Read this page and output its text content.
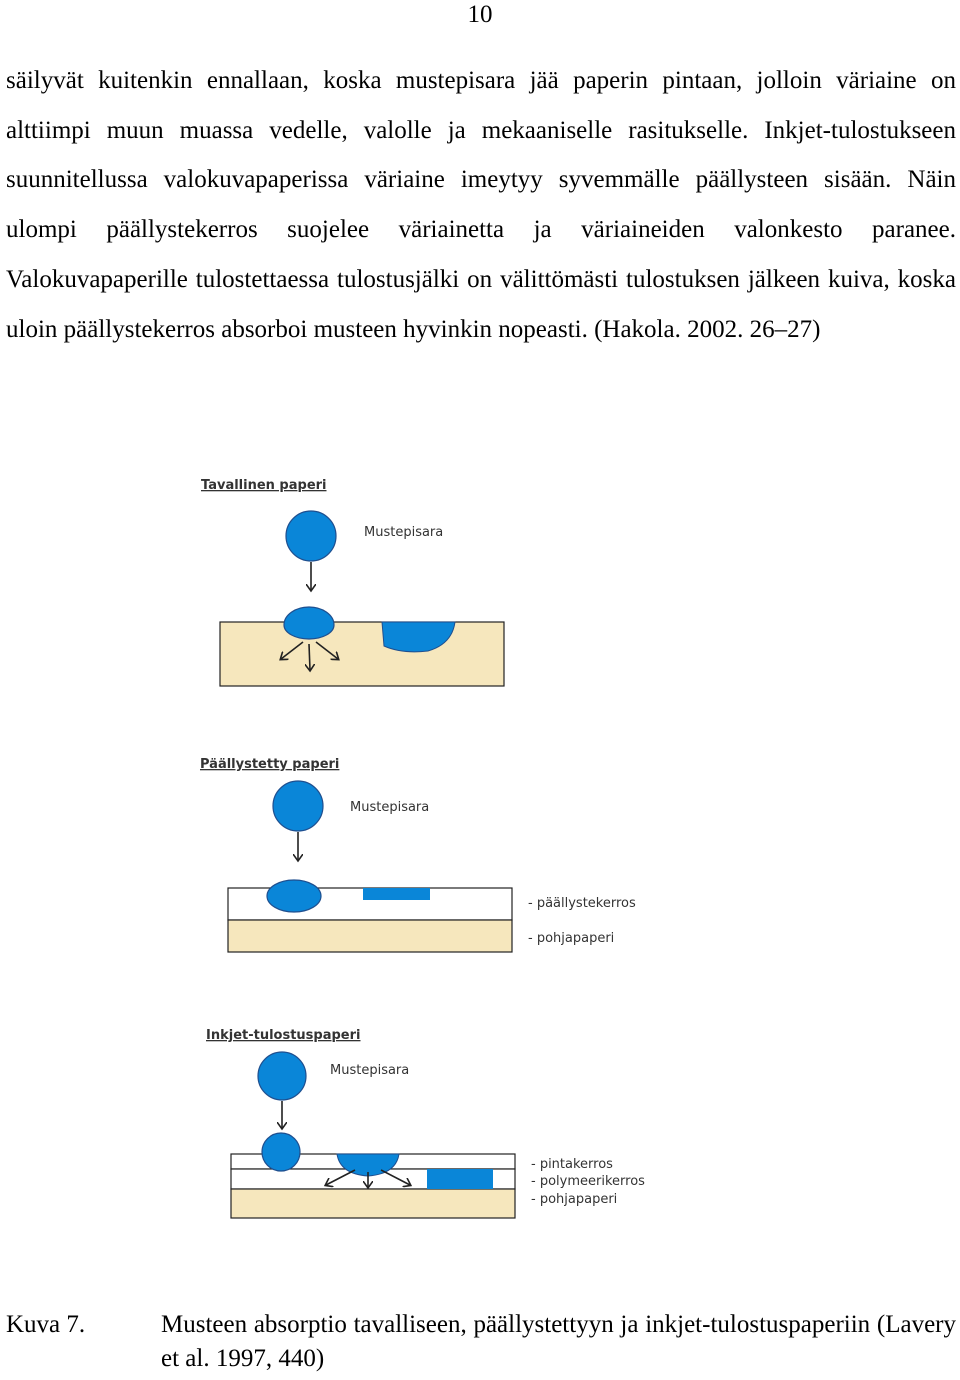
10

säilyvät kuitenkin ennallaan, koska mustepisara jää paperin pintaan, jolloin väriaine on alttiimpi muun muassa vedelle, valolle ja mekaaniselle rasitukselle. Inkjet-tulostukseen suunnitellussa valokuvapaperissa väriaine imeytyy syvemmälle päällysteen sisään. Näin ulompi päällystekerros suojelee väriainetta ja väriaineiden valonkesto paranee. Valokuvapaperille tulostettaessa tulostusjälki on välittömästi tulostuksen jälkeen kuiva, koska uloin päällystekerros absorboi musteen hyvinkin nopeasti. (Hakola. 2002. 26–27)

Tavallinen paperi
Mustepisara
Päällystetty paperi
Mustepisara
- päällystekerros
- pohjapaperi
Inkjet-tulostuspaperi
Mustepisara
- pintakerros
- polymeerikerros
- pohjapaperi
Kuva 7.	Musteen absorptio tavalliseen, päällystettyyn ja inkjet-tulostuspaperiin (Lavery et al. 1997, 440)
